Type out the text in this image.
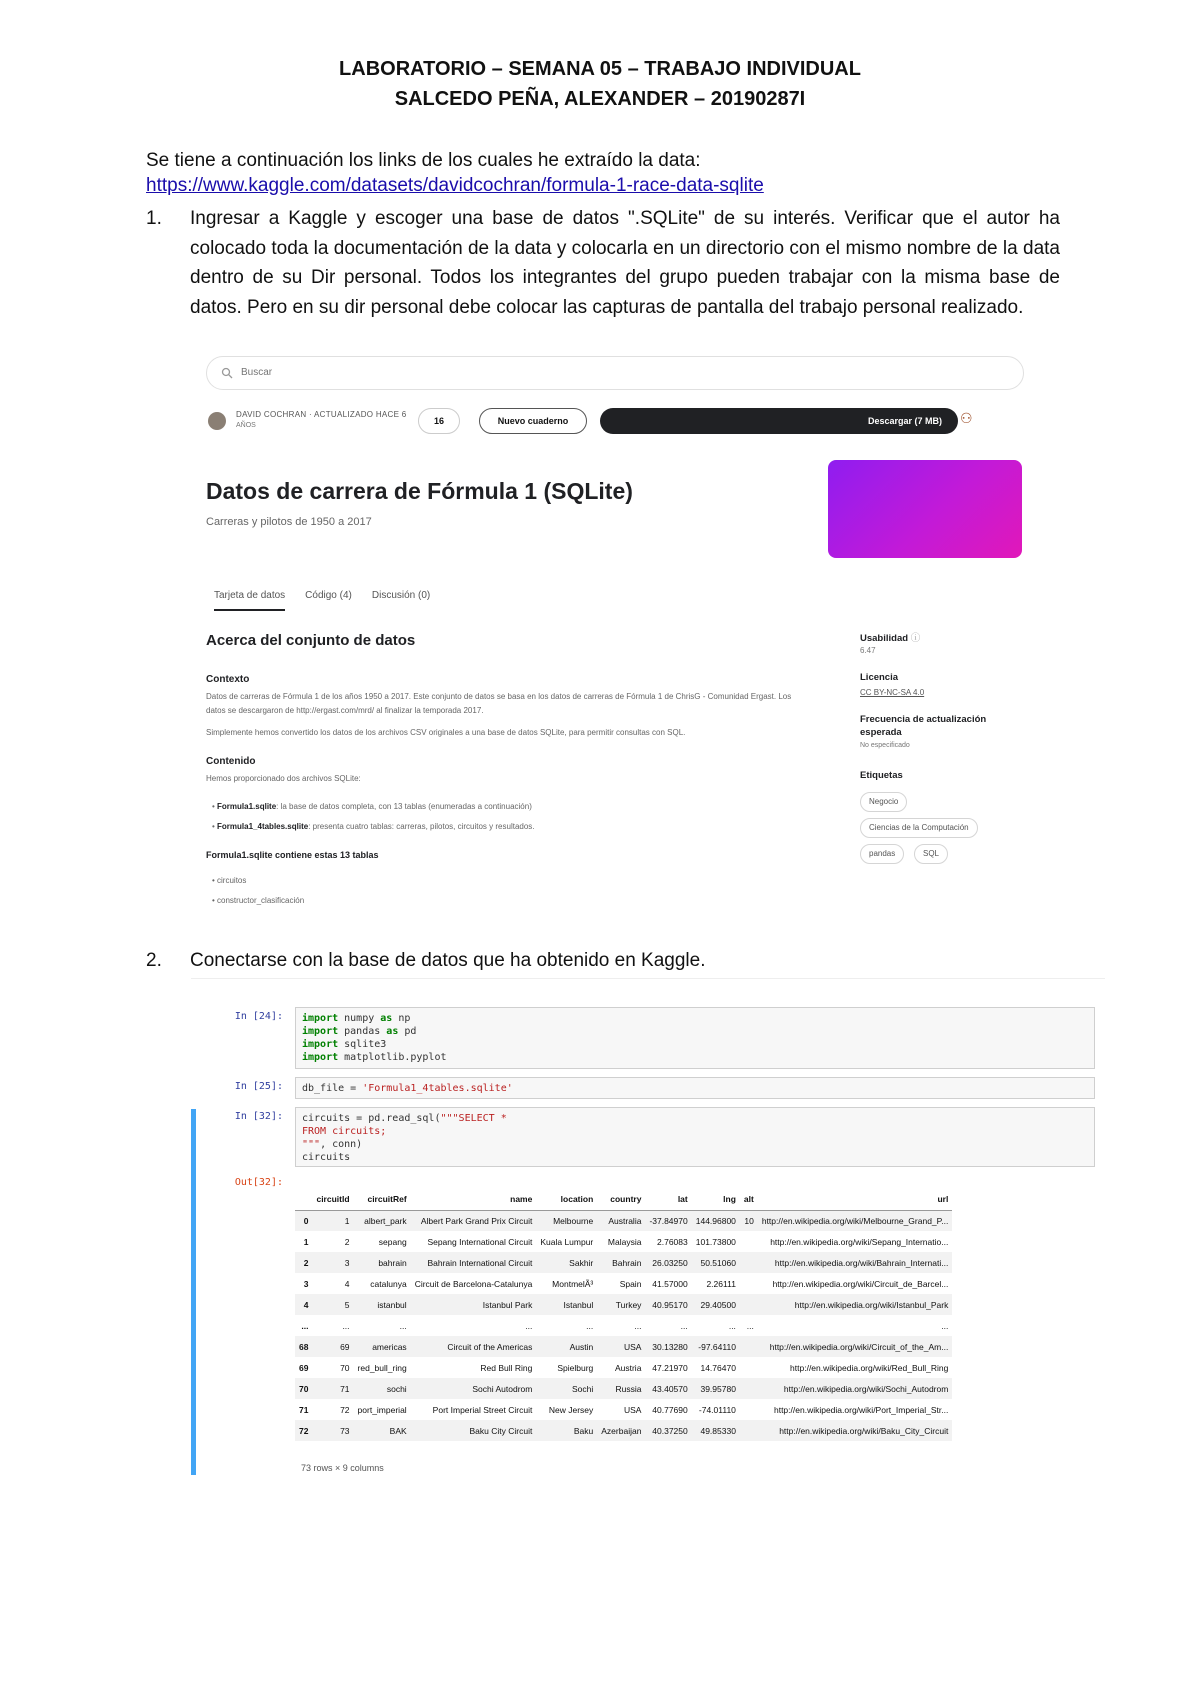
LABORATORIO – SEMANA 05 – TRABAJO INDIVIDUAL
SALCEDO PEÑA, ALEXANDER – 20190287I
Se tiene a continuación los links de los cuales he extraído la data:
https://www.kaggle.com/datasets/davidcochran/formula-1-race-data-sqlite
1. Ingresar a Kaggle y escoger una base de datos ".SQLite" de su interés. Verificar que el autor ha colocado toda la documentación de la data y colocarla en un directorio con el mismo nombre de la data dentro de su Dir personal. Todos los integrantes del grupo pueden trabajar con la misma base de datos. Pero en su dir personal debe colocar las capturas de pantalla del trabajo personal realizado.
Buscar
DAVID COCHRAN · ACTUALIZADO HACE 6
AÑOS	16	Nuevo cuaderno	Descargar (7 MB)	⚇
Datos de carrera de Fórmula 1 (SQLite)
Carreras y pilotos de 1950 a 2017
Tarjeta de datos Código (4) Discusión (0)
Acerca del conjunto de datos
Contexto
Datos de carreras de Fórmula 1 de los años 1950 a 2017. Este conjunto de datos se basa en los datos de carreras de Fórmula 1 de ChrisG - Comunidad Ergast. Los datos se descargaron de http://ergast.com/mrd/ al finalizar la temporada 2017.
Simplemente hemos convertido los datos de los archivos CSV originales a una base de datos SQLite, para permitir consultas con SQL.
Contenido
Hemos proporcionado dos archivos SQLite:
• Formula1.sqlite: la base de datos completa, con 13 tablas (enumeradas a continuación)
• Formula1_4tables.sqlite: presenta cuatro tablas: carreras, pilotos, circuitos y resultados.
Formula1.sqlite contiene estas 13 tablas
• circuitos
• constructor_clasificación
Usabilidad ⓘ
6.47
Licencia
CC BY-NC-SA 4.0
Frecuencia de actualización
esperada
No especificado
Etiquetas
Negocio
Ciencias de la Computación
pandas	SQL
2. Conectarse con la base de datos que ha obtenido en Kaggle.
In [24]:	import numpy as np
import pandas as pd
import sqlite3
import matplotlib.pyplot
In [25]:	db_file = 'Formula1_4tables.sqlite'
In [32]:	circuits = pd.read_sql("""SELECT *
FROM circuits;
""", conn)
circuits
Out[32]:
	circuitId	circuitRef	name	location	country	lat	lng	alt	url
0	1	albert_park	Albert Park Grand Prix Circuit	Melbourne	Australia	-37.84970	144.96800	10	http://en.wikipedia.org/wiki/Melbourne_Grand_P...
1	2	sepang	Sepang International Circuit	Kuala Lumpur	Malaysia	2.76083	101.73800		http://en.wikipedia.org/wiki/Sepang_Internatio...
2	3	bahrain	Bahrain International Circuit	Sakhir	Bahrain	26.03250	50.51060		http://en.wikipedia.org/wiki/Bahrain_Internati...
3	4	catalunya	Circuit de Barcelona-Catalunya	MontmelÃ³	Spain	41.57000	2.26111		http://en.wikipedia.org/wiki/Circuit_de_Barcel...
4	5	istanbul	Istanbul Park	Istanbul	Turkey	40.95170	29.40500		http://en.wikipedia.org/wiki/Istanbul_Park
...	...	...	...	...	...	...	...	...	...
68	69	americas	Circuit of the Americas	Austin	USA	30.13280	-97.64110		http://en.wikipedia.org/wiki/Circuit_of_the_Am...
69	70	red_bull_ring	Red Bull Ring	Spielburg	Austria	47.21970	14.76470		http://en.wikipedia.org/wiki/Red_Bull_Ring
70	71	sochi	Sochi Autodrom	Sochi	Russia	43.40570	39.95780		http://en.wikipedia.org/wiki/Sochi_Autodrom
71	72	port_imperial	Port Imperial Street Circuit	New Jersey	USA	40.77690	-74.01110		http://en.wikipedia.org/wiki/Port_Imperial_Str...
72	73	BAK	Baku City Circuit	Baku	Azerbaijan	40.37250	49.85330		http://en.wikipedia.org/wiki/Baku_City_Circuit
73 rows × 9 columns
